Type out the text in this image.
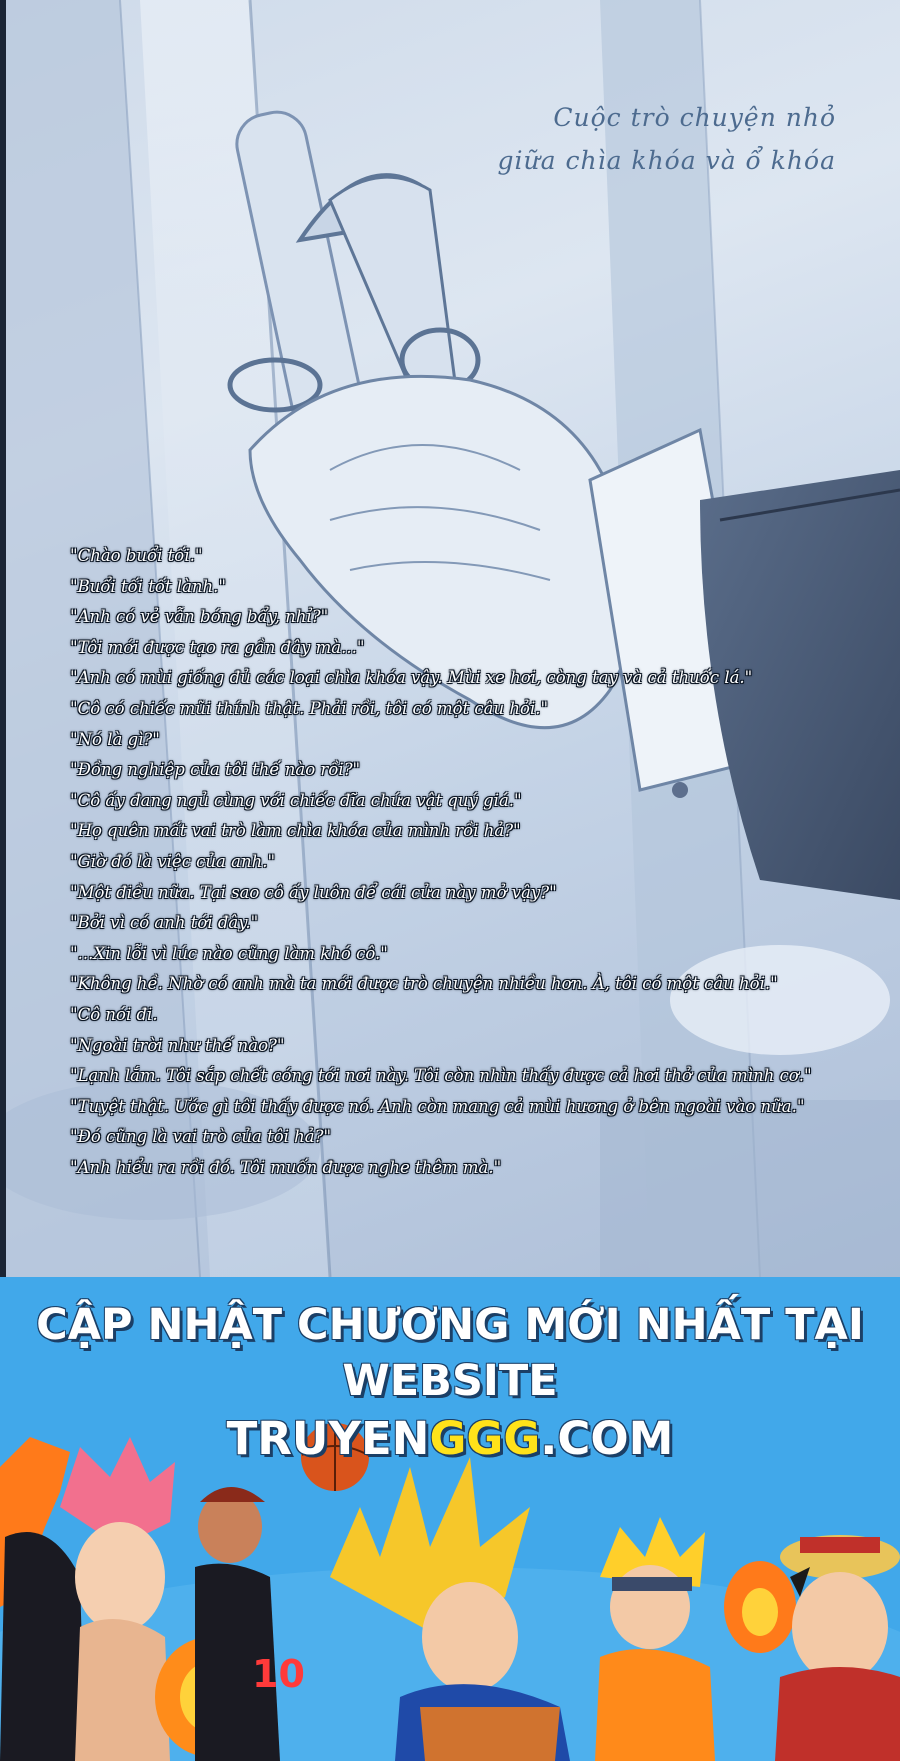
Cuộc trò chuyện nhỏ
giữa chìa khóa và ổ khóa
"Chào buổi tối."
"Buổi tối tốt lành."
"Anh có vẻ vẫn bóng bẩy, nhỉ?"
"Tôi mới được tạo ra gần đây mà..."
"Anh có mùi giống đủ các loại chìa khóa vậy. Mùi xe hơi, còng tay và cả thuốc lá."
"Cô có chiếc mũi thính thật. Phải rồi, tôi có một câu hỏi."
"Nó là gì?"
"Đồng nghiệp của tôi thế nào rồi?"
"Cô ấy đang ngủ cùng với chiếc đĩa chứa vật quý giá."
"Họ quên mất vai trò làm chìa khóa của mình rồi hả?"
"Giờ đó là việc của anh."
"Một điều nữa. Tại sao cô ấy luôn để cái cửa này mở vậy?"
"Bởi vì có anh tới đây."
"...Xin lỗi vì lúc nào cũng làm khó cô."
"Không hề. Nhờ có anh mà ta mới được trò chuyện nhiều hơn. À, tôi có một câu hỏi."
"Cô nói đi.
"Ngoài trời như thế nào?"
"Lạnh lắm. Tôi sắp chết cóng tới nơi này. Tôi còn nhìn thấy được cả hơi thở của mình cơ."
"Tuyệt thật. Ước gì tôi thấy được nó. Anh còn mang cả mùi hương ở bên ngoài vào nữa."
"Đó cũng là vai trò của tôi hả?"
"Anh hiểu ra rồi đó. Tôi muốn được nghe thêm mà."
10
CẬP NHẬT CHƯƠNG MỚI NHẤT TẠI WEBSITE
TRUYENGGG.COM
